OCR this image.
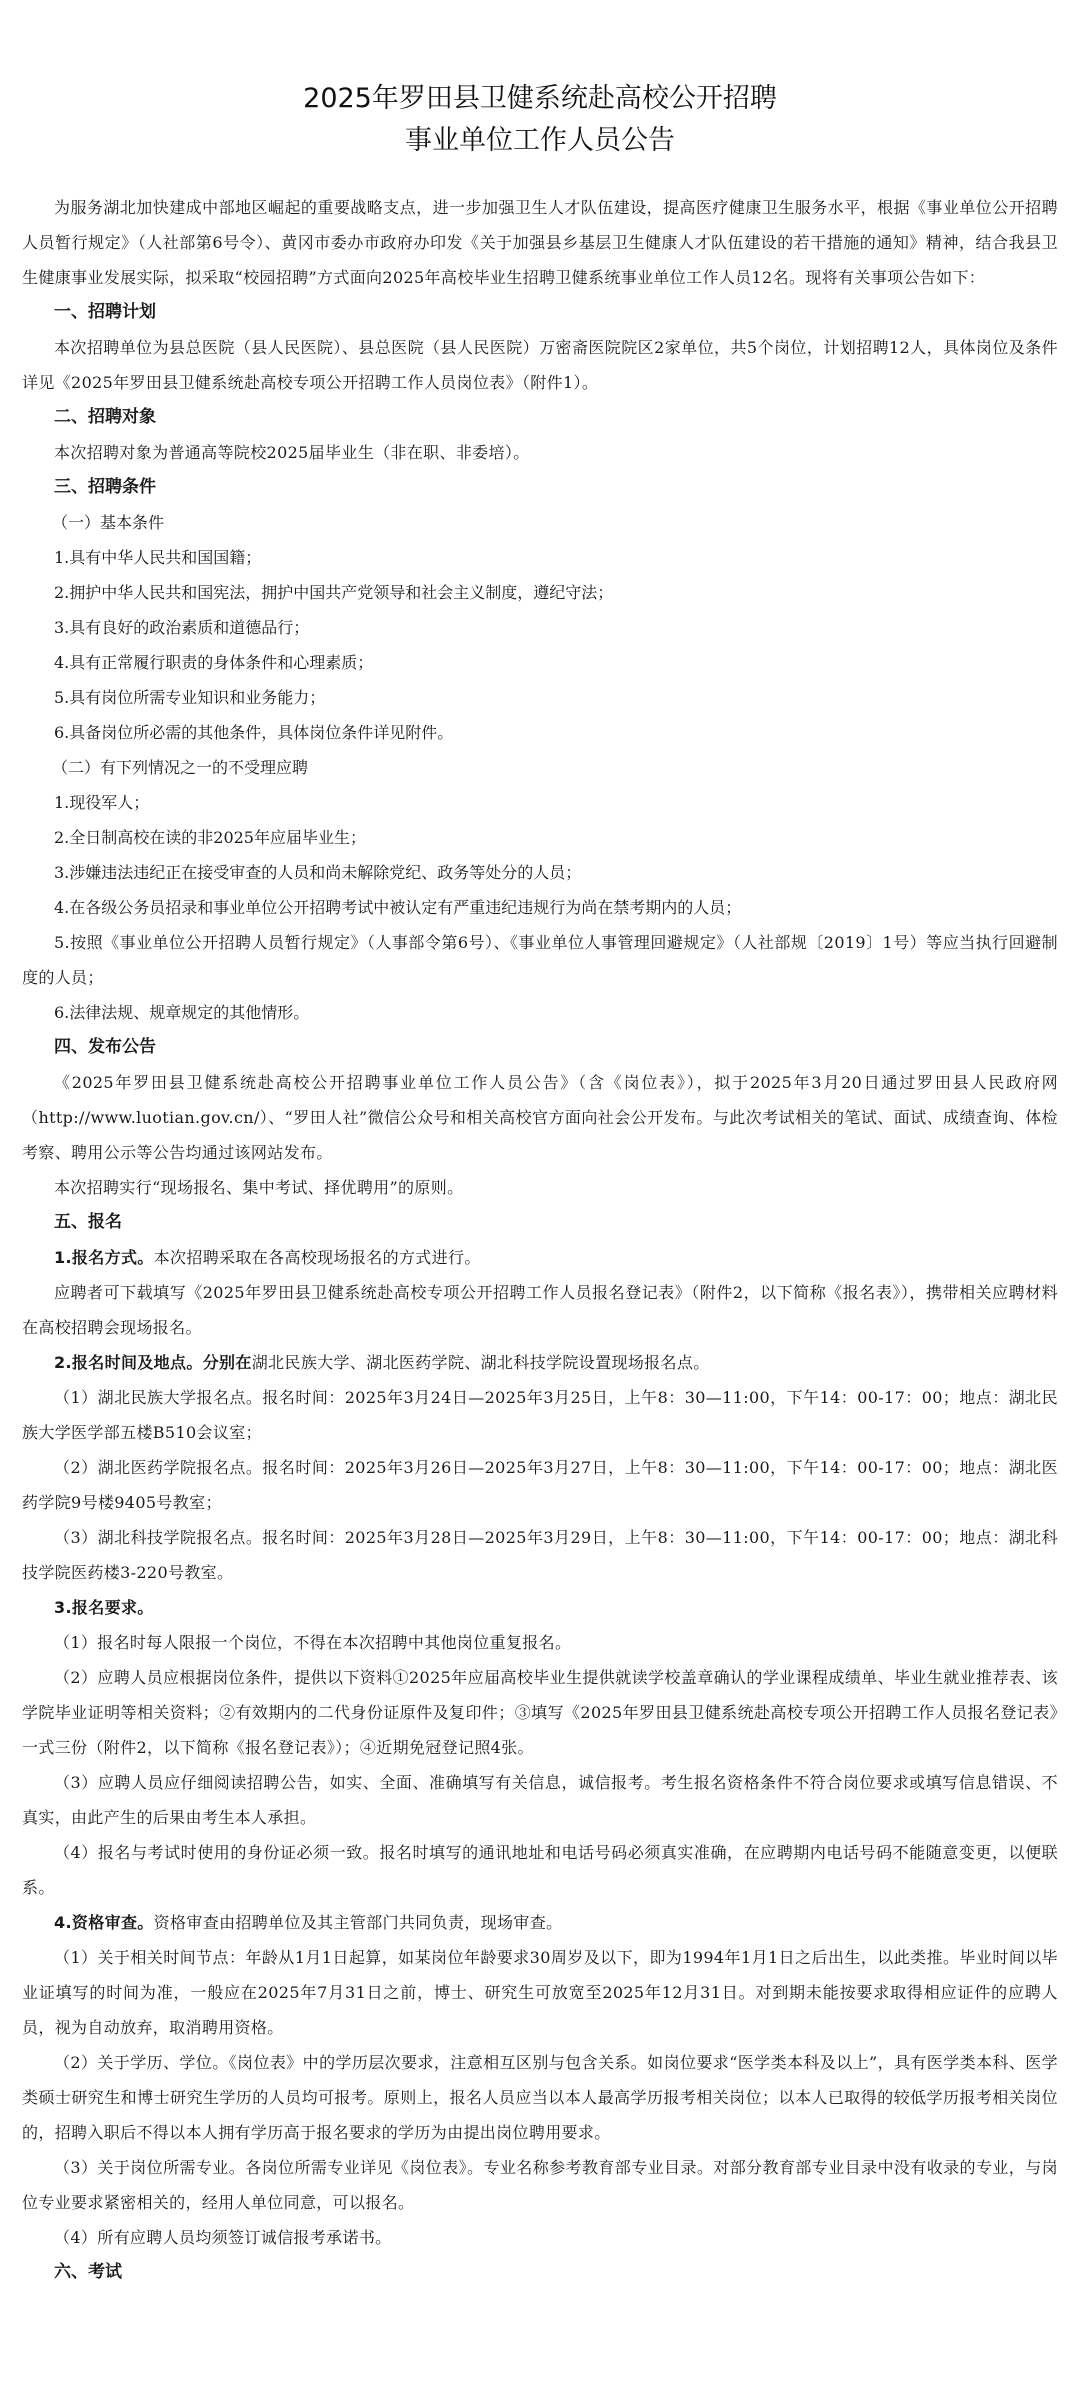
2025年罗田县卫健系统赴高校公开招聘
事业单位工作人员公告

为服务湖北加快建成中部地区崛起的重要战略支点，进一步加强卫生人才队伍建设，提高医疗健康卫生服务水平，根据《事业单位公开招聘人员暂行规定》（人社部第6号令）、黄冈市委办市政府办印发《关于加强县乡基层卫生健康人才队伍建设的若干措施的通知》精神，结合我县卫生健康事业发展实际，拟采取“校园招聘”方式面向2025年高校毕业生招聘卫健系统事业单位工作人员12名。现将有关事项公告如下：

一、招聘计划

本次招聘单位为县总医院（县人民医院）、县总医院（县人民医院）万密斋医院院区2家单位，共5个岗位，计划招聘12人，具体岗位及条件详见《2025年罗田县卫健系统赴高校专项公开招聘工作人员岗位表》（附件1）。

二、招聘对象

本次招聘对象为普通高等院校2025届毕业生（非在职、非委培）。

三、招聘条件

（一）基本条件

1.具有中华人民共和国国籍；

2.拥护中华人民共和国宪法，拥护中国共产党领导和社会主义制度，遵纪守法；

3.具有良好的政治素质和道德品行；

4.具有正常履行职责的身体条件和心理素质；

5.具有岗位所需专业知识和业务能力；

6.具备岗位所必需的其他条件，具体岗位条件详见附件。

（二）有下列情况之一的不受理应聘

1.现役军人；

2.全日制高校在读的非2025年应届毕业生；

3.涉嫌违法违纪正在接受审查的人员和尚未解除党纪、政务等处分的人员；

4.在各级公务员招录和事业单位公开招聘考试中被认定有严重违纪违规行为尚在禁考期内的人员；

5.按照《事业单位公开招聘人员暂行规定》（人事部令第6号）、《事业单位人事管理回避规定》（人社部规〔2019〕1号）等应当执行回避制度的人员；

6.法律法规、规章规定的其他情形。

四、发布公告

《2025年罗田县卫健系统赴高校公开招聘事业单位工作人员公告》（含《岗位表》），拟于2025年3月20日通过罗田县人民政府网（http://www.luotian.gov.cn/）、“罗田人社”微信公众号和相关高校官方面向社会公开发布。与此次考试相关的笔试、面试、成绩查询、体检考察、聘用公示等公告均通过该网站发布。

本次招聘实行“现场报名、集中考试、择优聘用”的原则。

五、报名

1.报名方式。本次招聘采取在各高校现场报名的方式进行。

应聘者可下载填写《2025年罗田县卫健系统赴高校专项公开招聘工作人员报名登记表》（附件2，以下简称《报名表》），携带相关应聘材料在高校招聘会现场报名。

2.报名时间及地点。分别在湖北民族大学、湖北医药学院、湖北科技学院设置现场报名点。

（1）湖北民族大学报名点。报名时间：2025年3月24日—2025年3月25日，上午8：30—11:00，下午14：00-17：00；地点：湖北民族大学医学部五楼B510会议室；

（2）湖北医药学院报名点。报名时间：2025年3月26日—2025年3月27日，上午8：30—11:00，下午14：00-17：00；地点：湖北医药学院9号楼9405号教室；

（3）湖北科技学院报名点。报名时间：2025年3月28日—2025年3月29日，上午8：30—11:00，下午14：00-17：00；地点：湖北科技学院医药楼3-220号教室。

3.报名要求。

（1）报名时每人限报一个岗位，不得在本次招聘中其他岗位重复报名。

（2）应聘人员应根据岗位条件，提供以下资料①2025年应届高校毕业生提供就读学校盖章确认的学业课程成绩单、毕业生就业推荐表、该学院毕业证明等相关资料；②有效期内的二代身份证原件及复印件；③填写《2025年罗田县卫健系统赴高校专项公开招聘工作人员报名登记表》一式三份（附件2，以下简称《报名登记表》）；④近期免冠登记照4张。

（3）应聘人员应仔细阅读招聘公告，如实、全面、准确填写有关信息，诚信报考。考生报名资格条件不符合岗位要求或填写信息错误、不真实，由此产生的后果由考生本人承担。

（4）报名与考试时使用的身份证必须一致。报名时填写的通讯地址和电话号码必须真实准确，在应聘期内电话号码不能随意变更，以便联系。

4.资格审查。资格审查由招聘单位及其主管部门共同负责，现场审查。

（1）关于相关时间节点：年龄从1月1日起算，如某岗位年龄要求30周岁及以下，即为1994年1月1日之后出生，以此类推。毕业时间以毕业证填写的时间为准，一般应在2025年7月31日之前，博士、研究生可放宽至2025年12月31日。对到期未能按要求取得相应证件的应聘人员，视为自动放弃，取消聘用资格。

（2）关于学历、学位。《岗位表》中的学历层次要求，注意相互区别与包含关系。如岗位要求“医学类本科及以上”，具有医学类本科、医学类硕士研究生和博士研究生学历的人员均可报考。原则上，报名人员应当以本人最高学历报考相关岗位；以本人已取得的较低学历报考相关岗位的，招聘入职后不得以本人拥有学历高于报名要求的学历为由提出岗位聘用要求。

（3）关于岗位所需专业。各岗位所需专业详见《岗位表》。专业名称参考教育部专业目录。对部分教育部专业目录中没有收录的专业，与岗位专业要求紧密相关的，经用人单位同意，可以报名。

（4）所有应聘人员均须签订诚信报考承诺书。

六、考试
